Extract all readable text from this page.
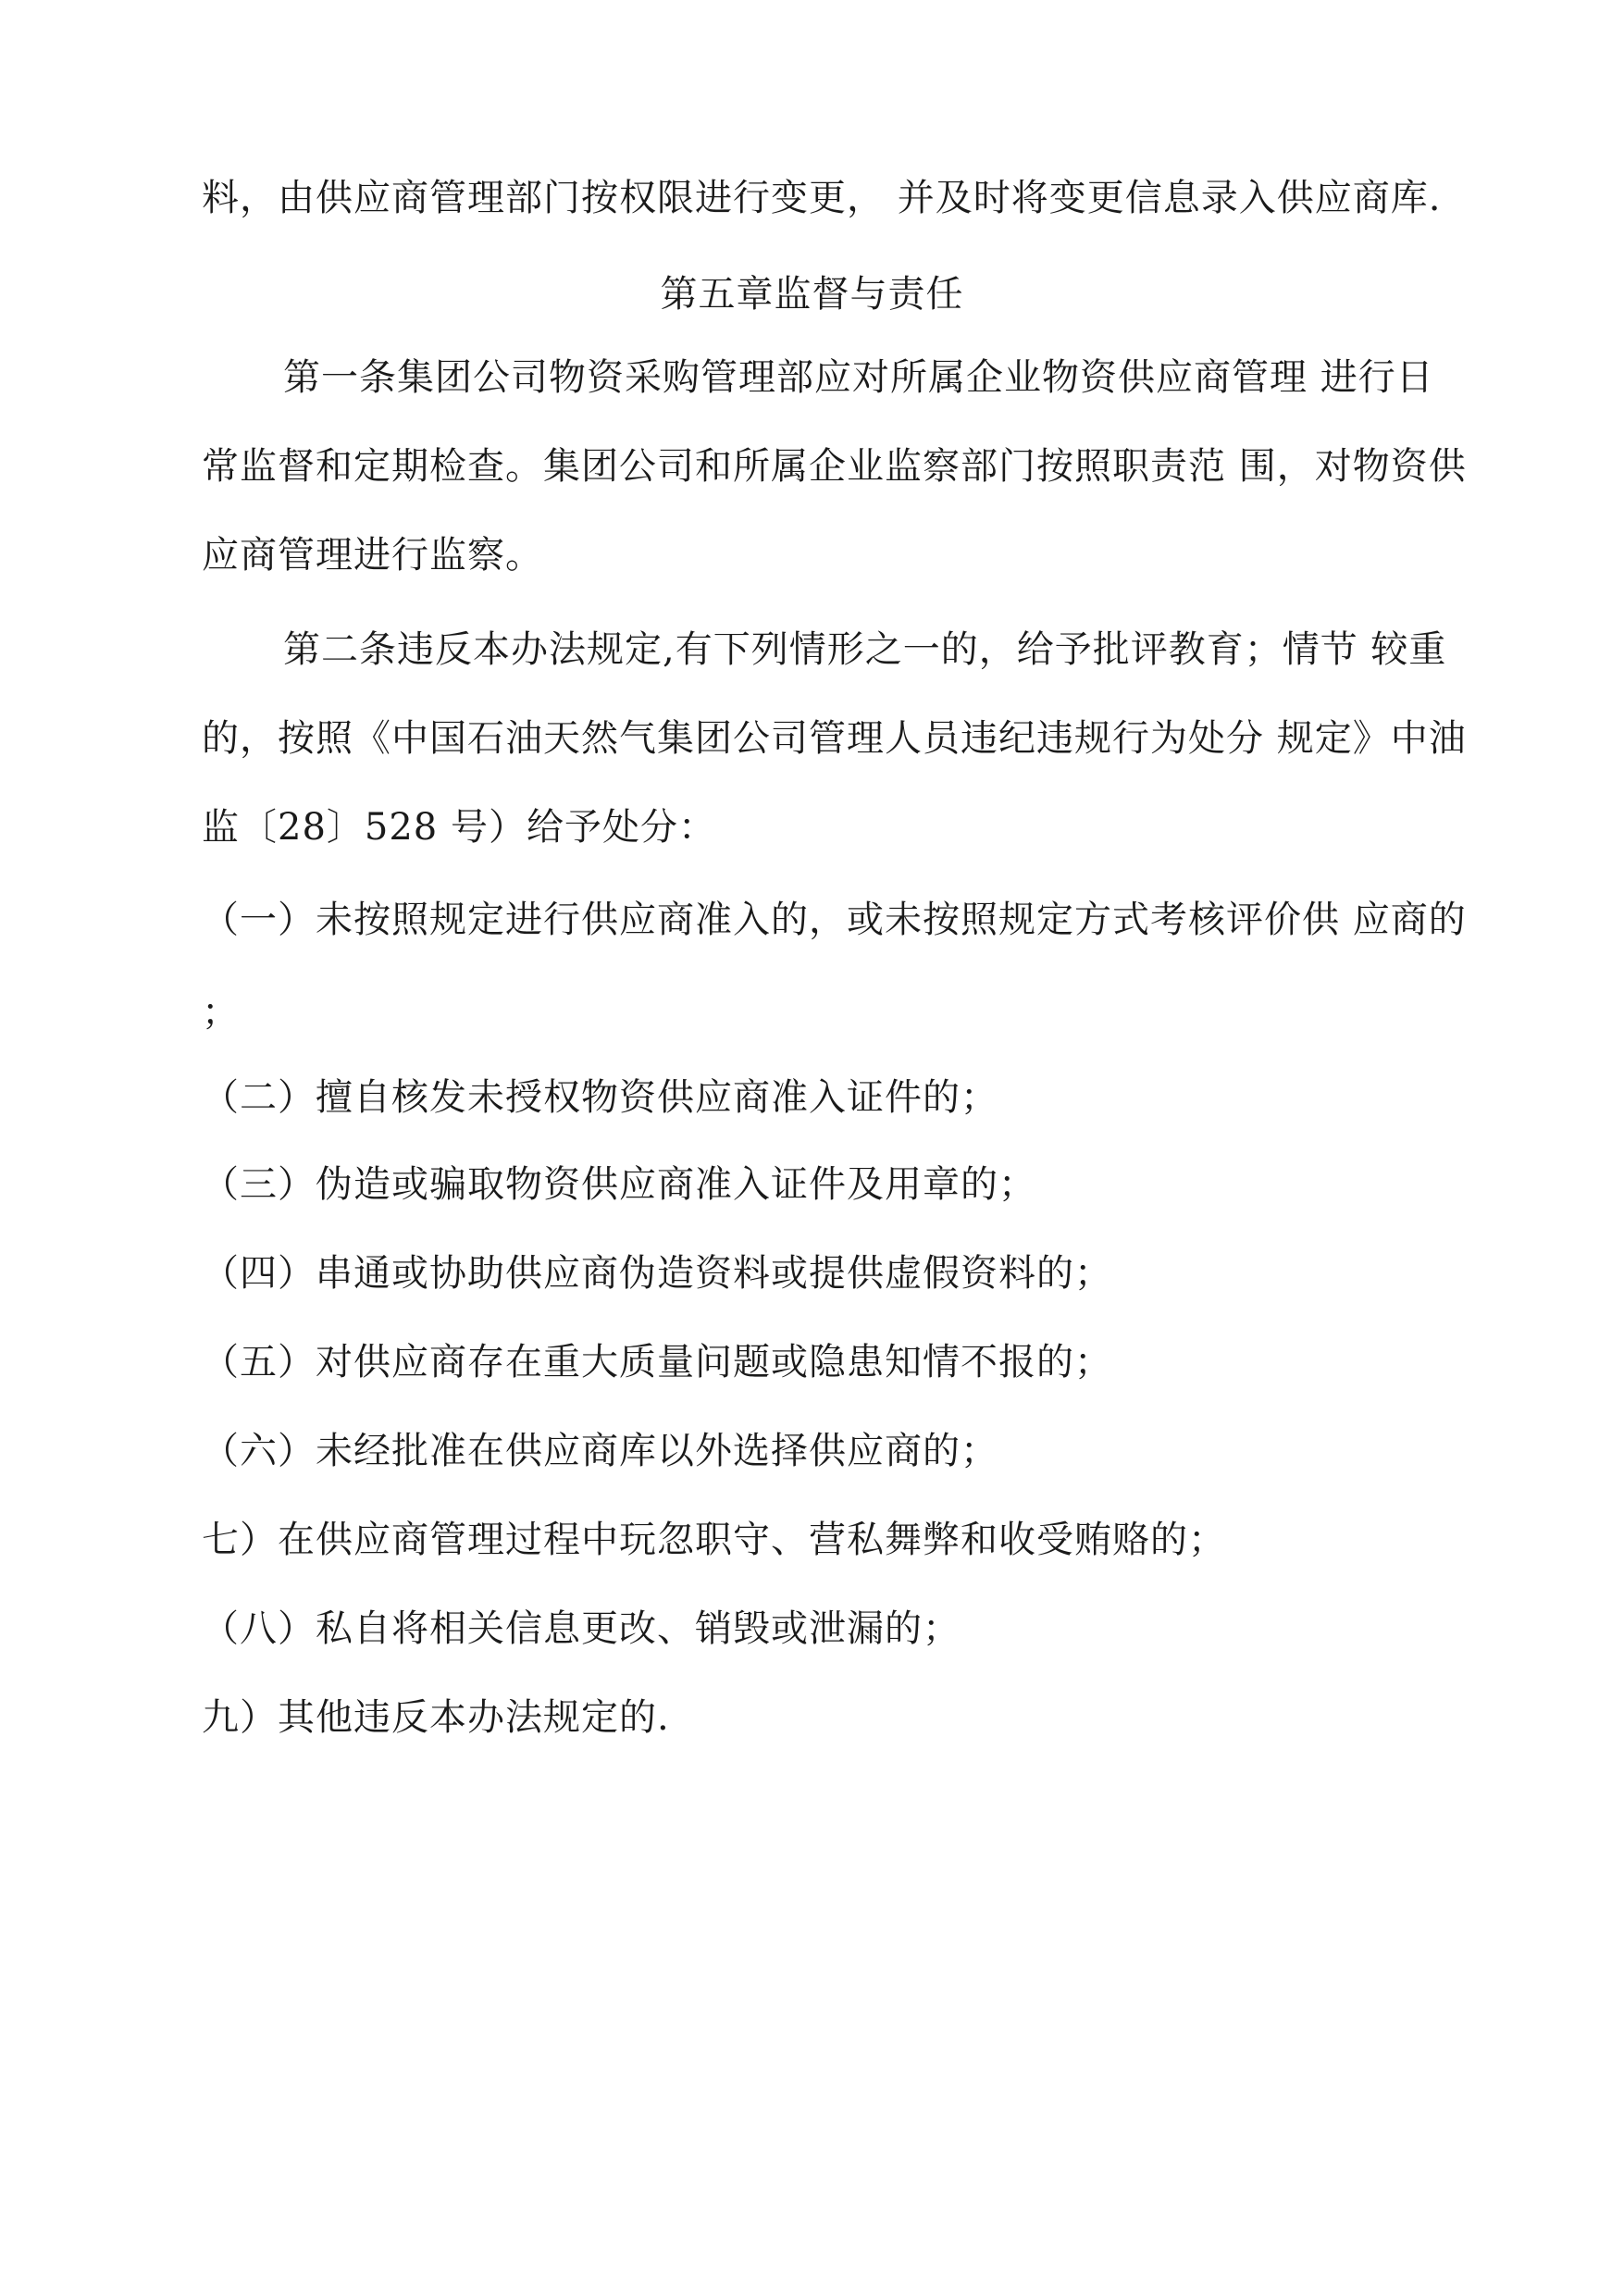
料，由供应商管理部门按权限进行变更， 并及时将变更信息录入供应商库.
第五章监督与责任
第一条集团公司物资采购管理部应对所属企业物资供应商管理 进行日
常监督和定期检查。集团公司和所属企业监察部门按照职责范 围，对物资供
应商管理进行监察。
第二条违反本办法规定,有下列情形之一的，给予批评教育；情节 较重
的，按照《中国石油天然气集团公司管理人员违纪违规行为处分 规定》中油
监〔28〕528 号）给予处分：
（一）未按照规定进行供应商准入的，或未按照规定方式考核评价供 应商的
；
（二）擅自核发未授权物资供应商准入证件的；
（三）伪造或骗取物资供应商准入证件及用章的；
（四）串通或协助供应商伪造资料或提供虚假资料的；
（五）对供应商存在重大质量问题或隐患知情不报的；
（六）未经批准在供应商库以外选择供应商的；
七）在供应商管理过程中玩忽职守、营私舞弊和收受贿赂的；
（八）私自将相关信息更改、销毁或泄漏的；
九）其他违反本办法规定的.
